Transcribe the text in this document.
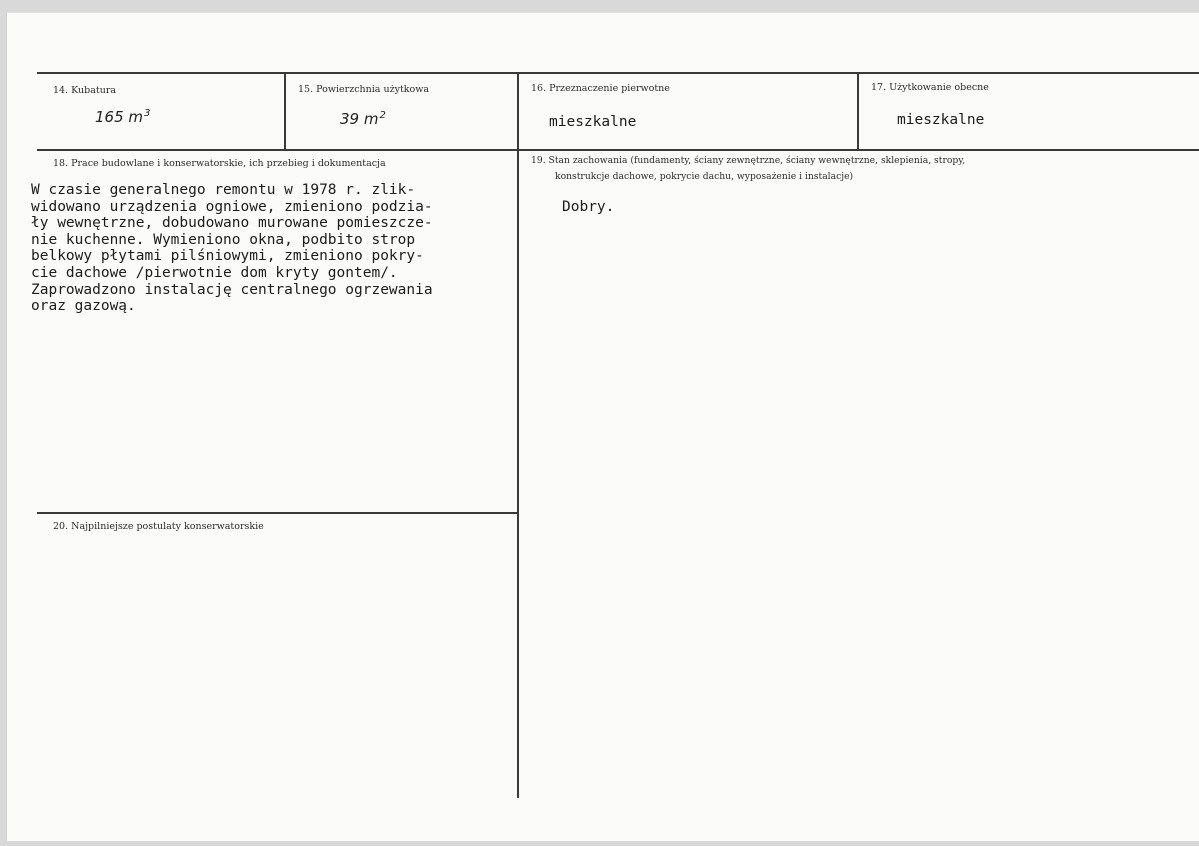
14. Kubatura
165 $m^3$
15. Powierzchnia użytkowa
39 $m^2$
16. Przeznaczenie pierwotne
mieszkalne
17. Użytkowanie obecne
mieszkalne
18. Prace budowlane i konserwatorskie, ich przebieg i dokumentacja
W czasie generalnego remontu w 1978 r. zlik-
widowano urządzenia ogniowe, zmieniono podzia-
ły wewnętrzne, dobudowano murowane pomieszcze-
nie kuchenne. Wymieniono okna, podbito strop
belkowy płytami pilśniowymi, zmieniono pokry-
cie dachowe /pierwotnie dom kryty gontem/.
Zaprowadzono instalację centralnego ogrzewania
oraz gazową.
19. Stan zachowania (fundamenty, ściany zewnętrzne, ściany wewnętrzne, sklepienia, stropy,
konstrukcje dachowe, pokrycie dachu, wyposażenie i instalacje)
Dobry.
20. Najpilniejsze postulaty konserwatorskie
